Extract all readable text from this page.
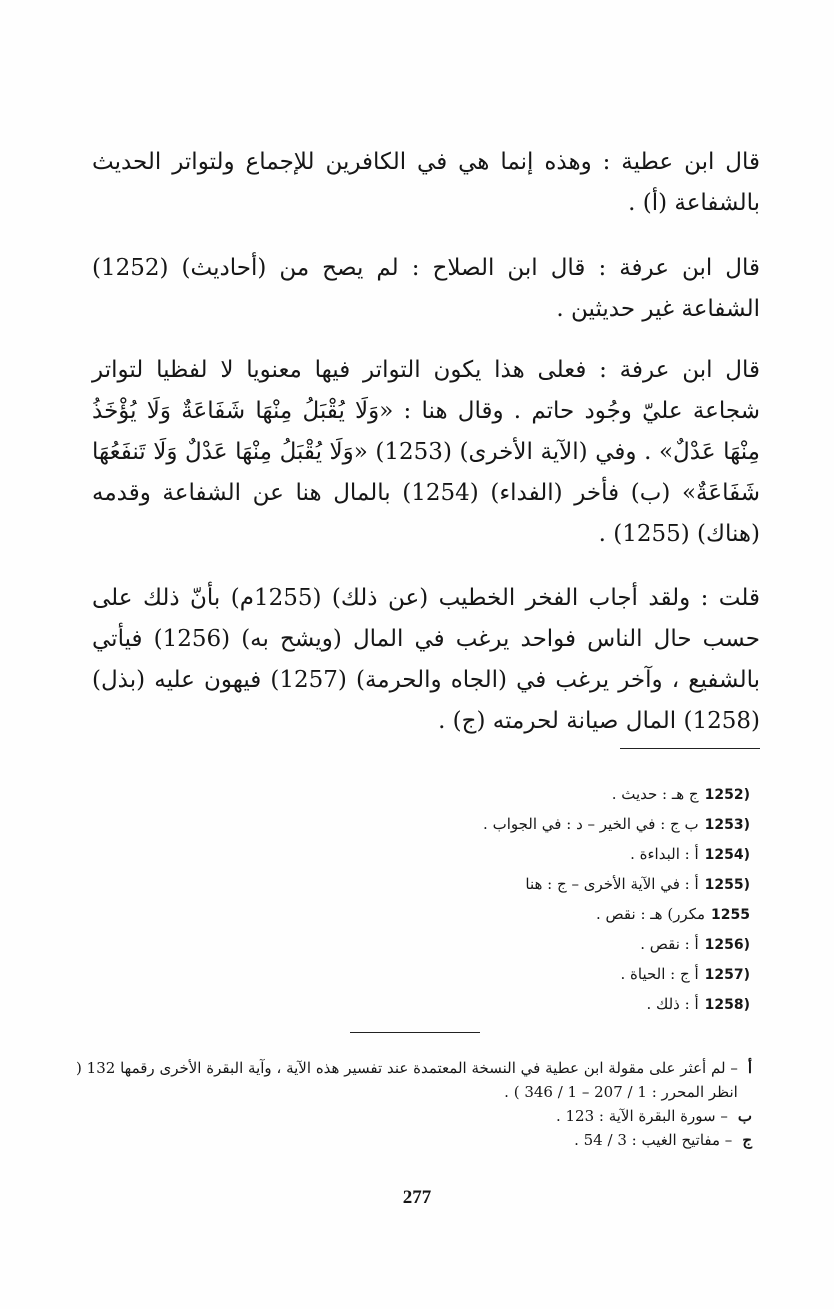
قال ابن عطية : وهذه إنما هي في الكافرين للإجماع ولتواتر الحديث بالشفاعة (أ) .

قال ابن عرفة : قال ابن الصلاح : لم يصح من (أحاديث) (1252) الشفاعة غير حديثين .

قال ابن عرفة : فعلى هذا يكون التواتر فيها معنويا لا لفظيا لتواتر شجاعة عليّ وجُود حاتم . وقال هنا : «وَلَا يُقْبَلُ مِنْهَا شَفَاعَةٌ وَلَا يُؤْخَذُ مِنْهَا عَدْلٌ» . وفي (الآية الأخرى) (1253) «وَلَا يُقْبَلُ مِنْهَا عَدْلٌ وَلَا تَنفَعُهَا شَفَاعَةٌ» (ب) فأخر (الفداء) (1254) بالمال هنا عن الشفاعة وقدمه (هناك) (1255) .

قلت : ولقد أجاب الفخر الخطيب (عن ذلك) (1255م) بأنّ ذلك على حسب حال الناس فواحد يرغب في المال (ويشح به) (1256) فيأتي بالشفيع ، وآخر يرغب في (الجاه والحرمة) (1257) فيهون عليه (بذل) (1258) المال صيانة لحرمته (ج) .

(1252ج هـ : حديث .
(1253ب ج : في الخير – د : في الجواب .
(1254أ : البداءة .
(1255أ : في الآية الأخرى – ج : هنا
1255مكرر) هـ : نقص .
(1256أ : نقص .
(1257أ ج : الحياة .
(1258أ : ذلك .
أ
– لم أعثر على مقولة ابن عطية في النسخة المعتمدة عند تفسير هذه الآية ، وآية البقرة الأخرى رقمها 132 ( انظر المحرر : 1 / 207 – 1 / 346 ) .
ب
– سورة البقرة الآية : 123 .
ج
– مفاتيح الغيب : 3 / 54 .
277
